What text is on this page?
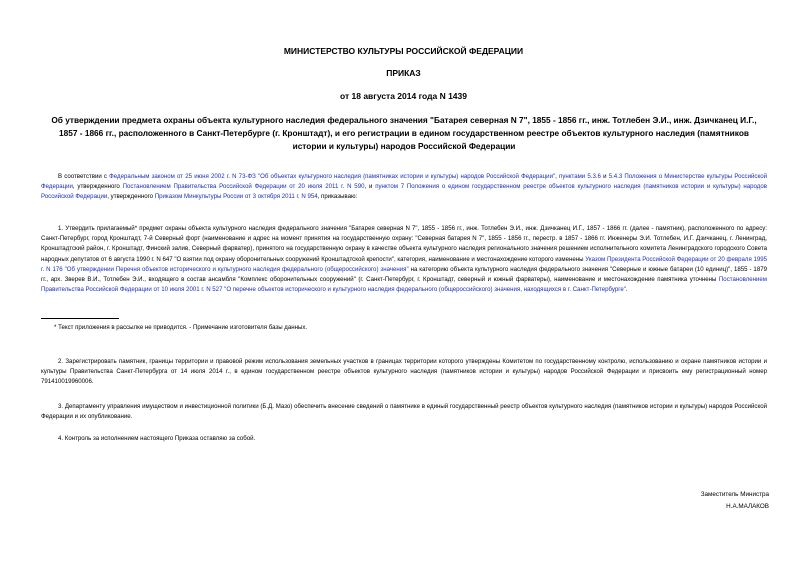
МИНИСТЕРСТВО КУЛЬТУРЫ РОССИЙСКОЙ ФЕДЕРАЦИИ
ПРИКАЗ
от 18 августа 2014 года N 1439
Об утверждении предмета охраны объекта культурного наследия федерального значения "Батарея северная N 7", 1855 - 1856 гг., инж. Тотлебен Э.И., инж. Дзичканец И.Г., 1857 - 1866 гг., расположенного в Санкт-Петербурге (г. Кронштадт), и его регистрации в едином государственном реестре объектов культурного наследия (памятников истории и культуры) народов Российской Федерации

В соответствии с Федеральным законом от 25 июня 2002 г. N 73-ФЗ "Об объектах культурного наследия (памятниках истории и культуры) народов Российской Федерации", пунктами 5.3.6 и 5.4.3 Положения о Министерстве культуры Российской Федерации, утвержденного Постановлением Правительства Российской Федерации от 20 июля 2011 г. N 590, и пунктом 7 Положения о едином государственном реестре объектов культурного наследия (памятников истории и культуры) народов Российской Федерации, утвержденного Приказом Минкультуры России от 3 октября 2011 г. N 954, приказываю:

1. Утвердить прилагаемый* предмет охраны объекта культурного наследия федерального значения "Батарея северная N 7", 1855 - 1856 гг., инж. Тотлебен Э.И., инж. Дзичканец И.Г., 1857 - 1866 гг. (далее - памятник), расположенного по адресу: Санкт-Петербург, город Кронштадт, 7-й Северный форт (наименование и адрес на момент принятия на государственную охрану: "Северная батарея N 7", 1855 - 1856 гг., перестр. в 1857 - 1866 гг. Инженеры Э.И. Тотлебен, И.Г. Дзичканец, г. Ленинград, Кронштадтский район, г. Кронштадт, Финский залив, Северный фарватер), принятого на государственную охрану в качестве объекта культурного наследия регионального значения решением исполнительного комитета Ленинградского городского Совета народных депутатов от 6 августа 1990 г. N 647 "О взятии под охрану оборонительных сооружений Кронштадтской крепости", категория, наименование и местонахождение которого изменены Указом Президента Российской Федерации от 20 февраля 1995 г. N 176 "Об утверждении Перечня объектов исторического и культурного наследия федерального (общероссийского) значения" на категорию объекта культурного наследия федерального значения "Северные и южные батареи (10 единиц)", 1855 - 1879 гг., арх. Зверев В.И., Тотлебен Э.И., входящего в состав ансамбля "Комплекс оборонительных сооружений" (г. Санкт-Петербург, г. Кронштадт, северный и южный фарватеры), наименование и местонахождение памятника уточнены Постановлением Правительства Российской Федерации от 10 июля 2001 г. N 527 "О перечне объектов исторического и культурного наследия федерального (общероссийского) значения, находящихся в г. Санкт-Петербурге".

* Текст приложения в рассылке не приводится. - Примечание изготовителя базы данных.

2. Зарегистрировать памятник, границы территории и правовой режим использования земельных участков в границах территории которого утверждены Комитетом по государственному контролю, использованию и охране памятников истории и культуры Правительства Санкт-Петербурга от 14 июля 2014 г., в едином государственном реестре объектов культурного наследия (памятников истории и культуры) народов Российской Федерации и присвоить ему регистрационный номер 791410019960006.

3. Департаменту управления имуществом и инвестиционной политики (Б.Д. Мазо) обеспечить внесение сведений о памятнике в единый государственный реестр объектов культурного наследия (памятников истории и культуры) народов Российской Федерации и их опубликование.

4. Контроль за исполнением настоящего Приказа оставляю за собой.

Заместитель Министра
Н.А.МАЛАКОВ
